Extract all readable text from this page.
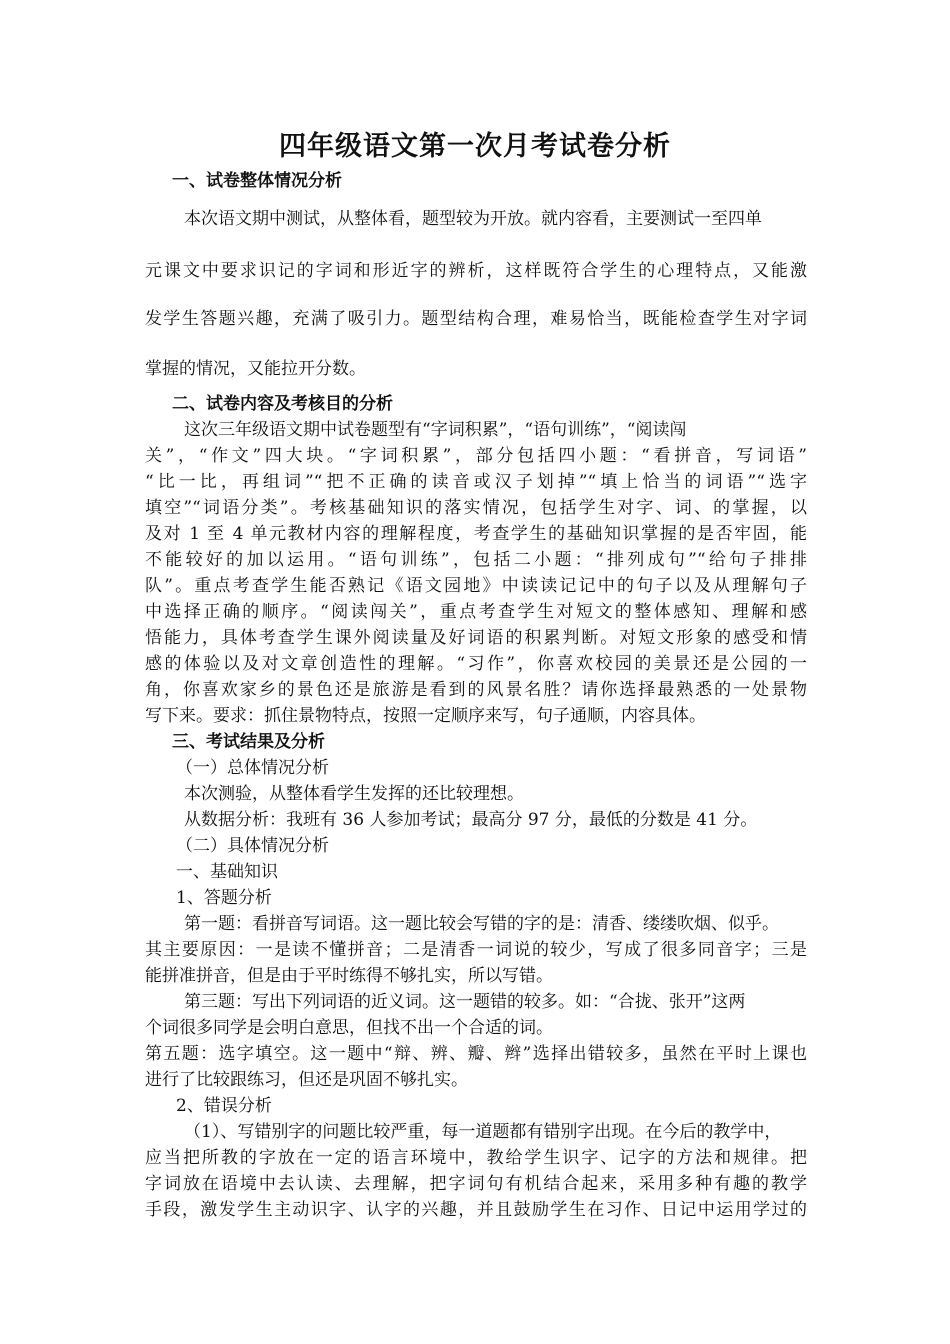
四年级语文第一次月考试卷分析
一、试卷整体情况分析
本次语文期中测试，从整体看，题型较为开放。就内容看，主要测试一至四单
元课文中要求识记的字词和形近字的辨析，这样既符合学生的心理特点，又能激
发学生答题兴趣，充满了吸引力。题型结构合理，难易恰当，既能检查学生对字词
掌握的情况，又能拉开分数。
二、试卷内容及考核目的分析
这次三年级语文期中试卷题型有“字词积累”，“语句训练”，“阅读闯
关”，“作文”四大块。“字词积累”，部分包括四小题：“看拼音，写词语”
“比一比，再组词”“把不正确的读音或汉子划掉”“填上恰当的词语”“选字
填空”“词语分类”。考核基础知识的落实情况，包括学生对字、词、的掌握，以
及对 1 至 4 单元教材内容的理解程度，考查学生的基础知识掌握的是否牢固，能
不能较好的加以运用。“语句训练”，包括二小题：“排列成句”“给句子排排
队”。重点考查学生能否熟记《语文园地》中读读记记中的句子以及从理解句子
中选择正确的顺序。“阅读闯关”，重点考查学生对短文的整体感知、理解和感
悟能力，具体考查学生课外阅读量及好词语的积累判断。对短文形象的感受和情
感的体验以及对文章创造性的理解。“习作”，你喜欢校园的美景还是公园的一
角，你喜欢家乡的景色还是旅游是看到的风景名胜？请你选择最熟悉的一处景物
写下来。要求：抓住景物特点，按照一定顺序来写，句子通顺，内容具体。
三、考试结果及分析
（一）总体情况分析
本次测验，从整体看学生发挥的还比较理想。
从数据分析：我班有 36 人参加考试；最高分 97 分，最低的分数是 41 分。
（二）具体情况分析
一、基础知识
1、答题分析
第一题：看拼音写词语。这一题比较会写错的字的是：清香、缕缕吹烟、似乎。
其主要原因：一是读不懂拼音；二是清香一词说的较少，写成了很多同音字；三是
能拼准拼音，但是由于平时练得不够扎实，所以写错。
第三题：写出下列词语的近义词。这一题错的较多。如：“合拢、张开”这两
个词很多同学是会明白意思，但找不出一个合适的词。
第五题：选字填空。这一题中“辩、辨、瓣、辫”选择出错较多，虽然在平时上课也
进行了比较跟练习，但还是巩固不够扎实。
2、错误分析
（1）、写错别字的问题比较严重，每一道题都有错别字出现。在今后的教学中，
应当把所教的字放在一定的语言环境中，教给学生识字、记字的方法和规律。把
字词放在语境中去认读、去理解，把字词句有机结合起来，采用多种有趣的教学
手段，激发学生主动识字、认字的兴趣，并且鼓励学生在习作、日记中运用学过的
